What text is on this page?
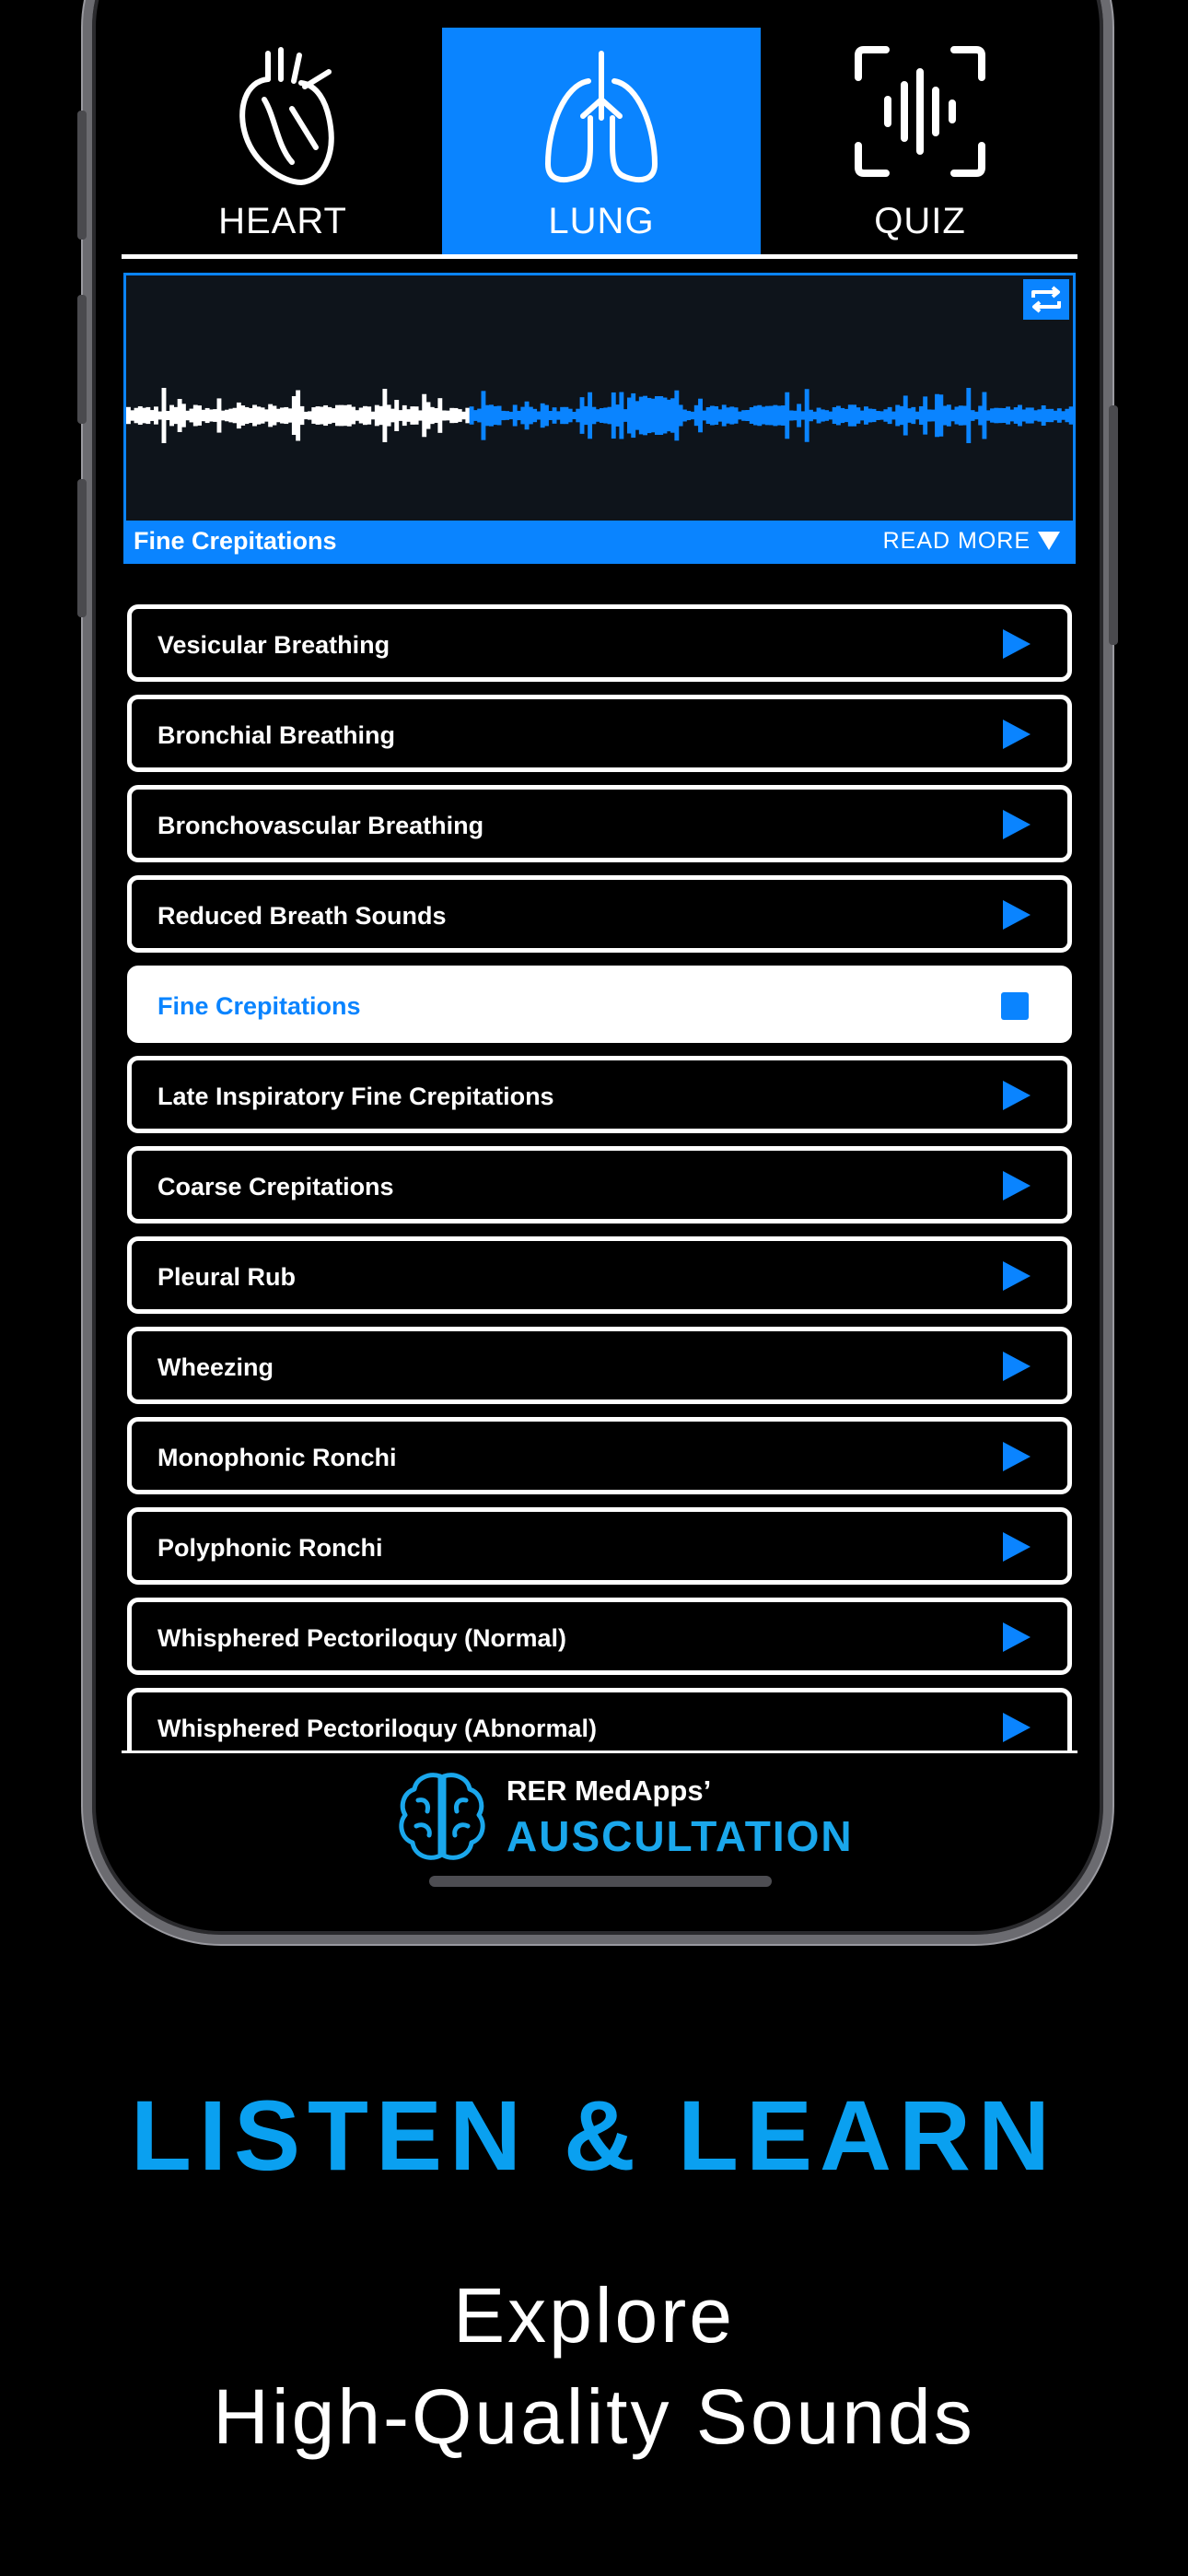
HEART	LUNG	QUIZ
Fine Crepitations	READ MORE
Vesicular Breathing
Bronchial Breathing
Bronchovascular Breathing
Reduced Breath Sounds
Fine Crepitations
Late Inspiratory Fine Crepitations
Coarse Crepitations
Pleural Rub
Wheezing
Monophonic Ronchi
Polyphonic Ronchi
Whisphered Pectoriloquy (Normal)
Whisphered Pectoriloquy (Abnormal)
RER MedApps’
AUSCULTATION
LISTEN & LEARN
Explore
High-Quality Sounds
